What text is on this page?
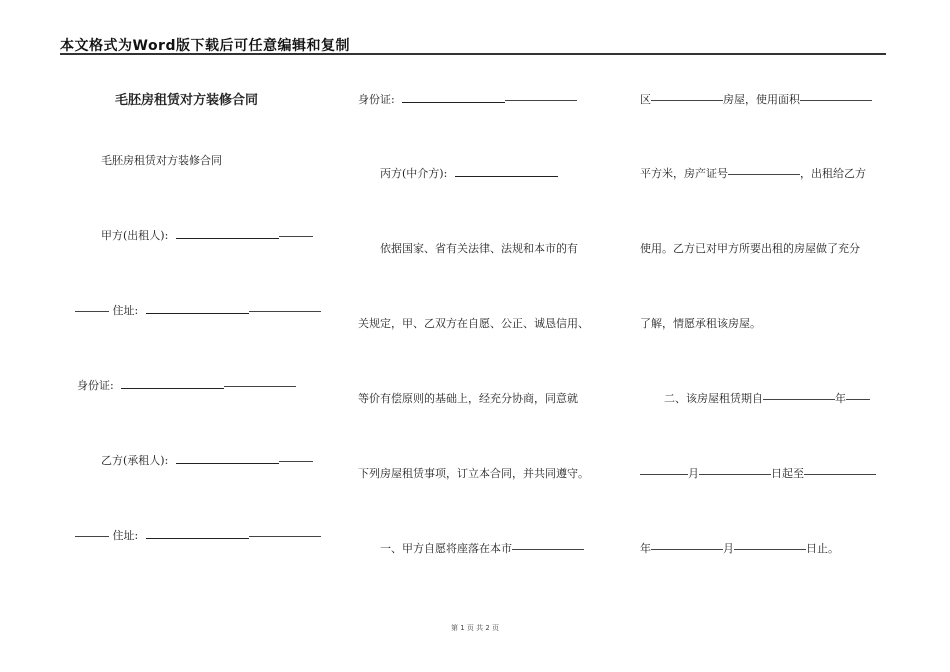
本文格式为Word版下载后可任意编辑和复制
毛胚房租赁对方装修合同
毛胚房租赁对方装修合同
甲方(出租人):
住址:
身份证:
乙方(承租人):
住址:
身份证:
丙方(中介方):
依据国家、省有关法律、法规和本市的有
关规定，甲、乙双方在自愿、公正、诚恳信用、
等价有偿原则的基础上，经充分协商，同意就
下列房屋租赁事项，订立本合同，并共同遵守。
一、甲方自愿将座落在本市
区	房屋，使用面积
平方米，房产证号	，出租给乙方
使用。乙方已对甲方所要出租的房屋做了充分
了解，情愿承租该房屋。
二、该房屋租赁期自	年
月	日起至
年	月	日止。
第 1 页 共 2 页
